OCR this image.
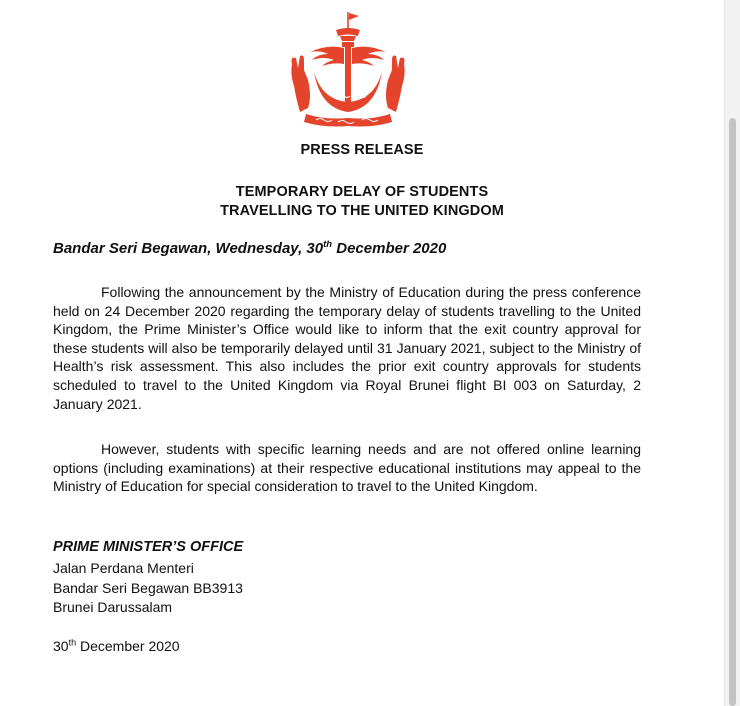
PRESS RELEASE
TEMPORARY DELAY OF STUDENTS
TRAVELLING TO THE UNITED KINGDOM
Bandar Seri Begawan, Wednesday, 30th December 2020

Following the announcement by the Ministry of Education during the press conference held on 24 December 2020 regarding the temporary delay of students travelling to the United Kingdom, the Prime Minister’s Office would like to inform that the exit country approval for these students will also be temporarily delayed until 31 January 2021, subject to the Ministry of Health’s risk assessment. This also includes the prior exit country approvals for students scheduled to travel to the United Kingdom via Royal Brunei flight BI 003 on Saturday, 2 January 2021.

However, students with specific learning needs and are not offered online learning options (including examinations) at their respective educational institutions may appeal to the Ministry of Education for special consideration to travel to the United Kingdom.

PRIME MINISTER’S OFFICE
Jalan Perdana Menteri
Bandar Seri Begawan BB3913
Brunei Darussalam
30th December 2020
